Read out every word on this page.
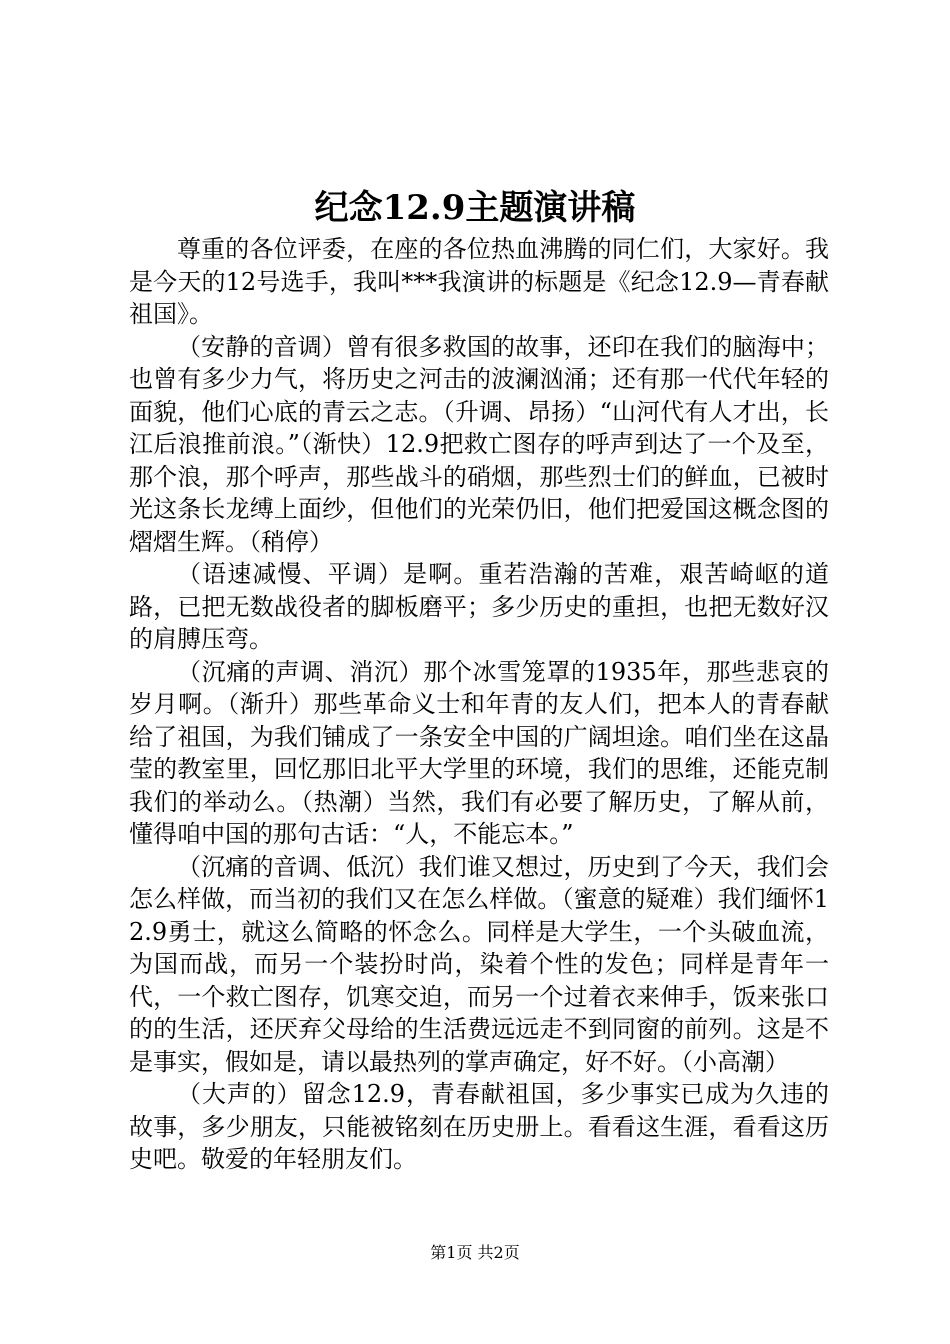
纪念12.9主题演讲稿

尊重的各位评委，在座的各位热血沸腾的同仁们，大家好。我是今天的12号选手，我叫***我演讲的标题是《纪念12.9—青春献祖国》。

（安静的音调）曾有很多救国的故事，还印在我们的脑海中；也曾有多少力气，将历史之河击的波澜汹涌；还有那一代代年轻的面貌，他们心底的青云之志。（升调、昂扬）“山河代有人才出，长江后浪推前浪。”（渐快）12.9把救亡图存的呼声到达了一个及至，那个浪，那个呼声，那些战斗的硝烟，那些烈士们的鲜血，已被时光这条长龙缚上面纱，但他们的光荣仍旧，他们把爱国这概念图的熠熠生辉。（稍停）

（语速减慢、平调）是啊。重若浩瀚的苦难，艰苦崎岖的道路，已把无数战役者的脚板磨平；多少历史的重担，也把无数好汉的肩膊压弯。

（沉痛的声调、消沉）那个冰雪笼罩的1935年，那些悲哀的岁月啊。（渐升）那些革命义士和年青的友人们，把本人的青春献给了祖国，为我们铺成了一条安全中国的广阔坦途。咱们坐在这晶莹的教室里，回忆那旧北平大学里的环境，我们的思维，还能克制我们的举动么。（热潮）当然，我们有必要了解历史，了解从前，懂得咱中国的那句古话：“人，不能忘本。”

（沉痛的音调、低沉）我们谁又想过，历史到了今天，我们会怎么样做，而当初的我们又在怎么样做。（蜜意的疑难）我们缅怀12.9勇士，就这么简略的怀念么。同样是大学生，一个头破血流，为国而战，而另一个装扮时尚，染着个性的发色；同样是青年一代，一个救亡图存，饥寒交迫，而另一个过着衣来伸手，饭来张口的的生活，还厌弃父母给的生活费远远走不到同窗的前列。这是不是事实，假如是，请以最热列的掌声确定，好不好。（小高潮）

（大声的）留念12.9，青春献祖国，多少事实已成为久违的故事，多少朋友，只能被铭刻在历史册上。看看这生涯，看看这历史吧。敬爱的年轻朋友们。

第1页 共2页
